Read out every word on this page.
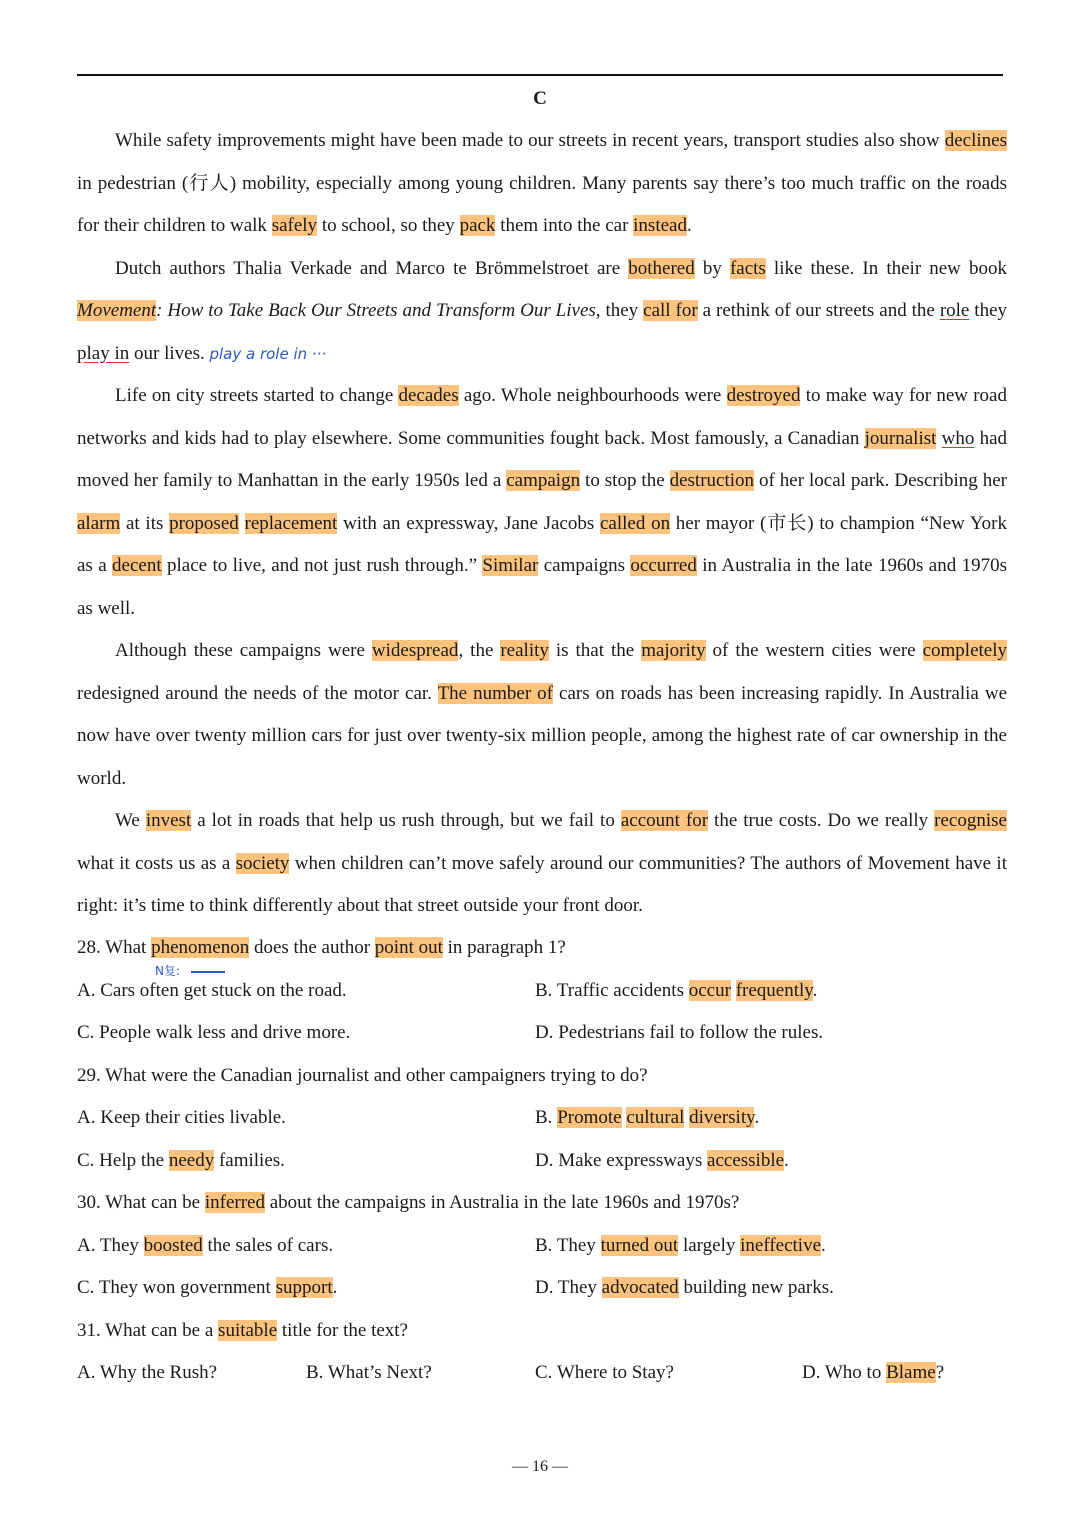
C

While safety improvements might have been made to our streets in recent years, transport studies also show declines in pedestrian (行人) mobility, especially among young children. Many parents say there’s too much traffic on the roads for their children to walk safely to school, so they pack them into the car instead.

Dutch authors Thalia Verkade and Marco te Brömmelstroet are bothered by facts like these. In their new book Movement: How to Take Back Our Streets and Transform Our Lives, they call for a rethink of our streets and the role they play in our lives. play a role in ···

Life on city streets started to change decades ago. Whole neighbourhoods were destroyed to make way for new road networks and kids had to play elsewhere. Some communities fought back. Most famously, a Canadian journalist who had moved her family to Manhattan in the early 1950s led a campaign to stop the destruction of her local park. Describing her alarm at its proposed replacement with an expressway, Jane Jacobs called on her mayor (市长) to champion “New York as a decent place to live, and not just rush through.” Similar campaigns occurred in Australia in the late 1960s and 1970s as well.

Although these campaigns were widespread, the reality is that the majority of the western cities were completely redesigned around the needs of the motor car. The number of cars on roads has been increasing rapidly. In Australia we now have over twenty million cars for just over twenty-six million people, among the highest rate of car ownership in the world.

We invest a lot in roads that help us rush through, but we fail to account for the true costs. Do we really recognise what it costs us as a society when children can’t move safely around our communities? The authors of Movement have it right: it’s time to think differently about that street outside your front door.

28. What phenomenon does the author point out in paragraph 1?
N复:
A. Cars often get stuck on the road.	B. Traffic accidents occur frequently.
C. People walk less and drive more.	D. Pedestrians fail to follow the rules.
29. What were the Canadian journalist and other campaigners trying to do?
A. Keep their cities livable.	B. Promote cultural diversity.
C. Help the needy families.	D. Make expressways accessible.
30. What can be inferred about the campaigns in Australia in the late 1960s and 1970s?
A. They boosted the sales of cars.	B. They turned out largely ineffective.
C. They won government support.	D. They advocated building new parks.
31. What can be a suitable title for the text?
A. Why the Rush?	B. What’s Next?	C. Where to Stay?	D. Who to Blame?
— 16 —
